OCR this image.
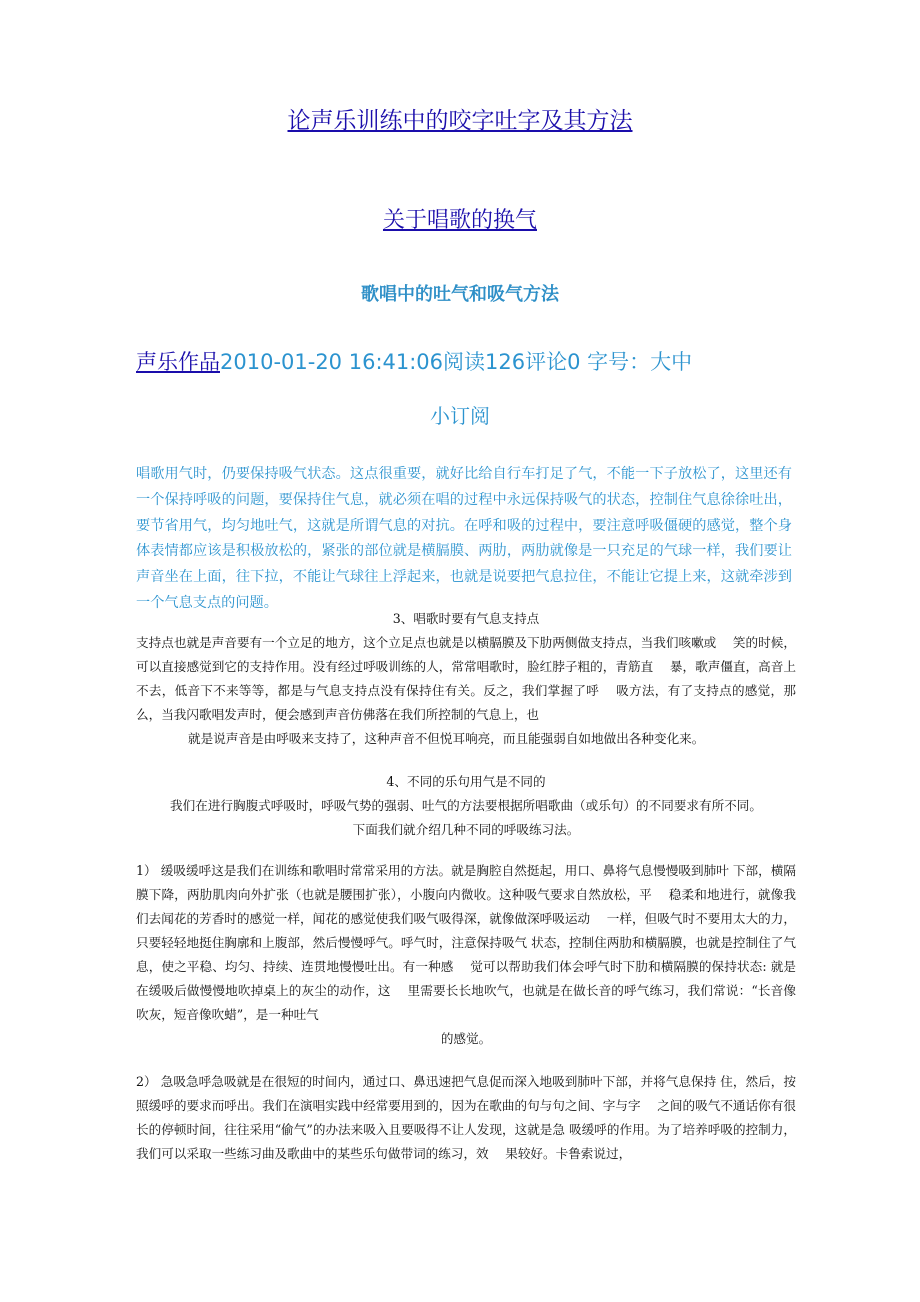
论声乐训练中的咬字吐字及其方法
关于唱歌的换气
歌唱中的吐气和吸气方法
声乐作品2010-01-20 16:41:06阅读126评论0 字号：大中
小订阅
唱歌用气时，仍要保持吸气状态。这点很重要，就好比给自行车打足了气，不能一下子放松了，这里还有一个保持呼吸的问题，要保持住气息，就必须在唱的过程中永远保持吸气的状态，控制住气息徐徐吐出，要节省用气，均匀地吐气，这就是所谓气息的对抗。在呼和吸的过程中，要注意呼吸僵硬的感觉，整个身体表情都应该是积极放松的，紧张的部位就是横膈膜、两肋，两肋就像是一只充足的气球一样，我们要让声音坐在上面，往下拉，不能让气球往上浮起来，也就是说要把气息拉住，不能让它提上来，这就牵涉到一个气息支点的问题。
3、唱歌时要有气息支持点
支持点也就是声音要有一个立足的地方，这个立足点也就是以横膈膜及下肋两侧做支持点，当我们咳嗽或　 笑的时候，可以直接感觉到它的支持作用。没有经过呼吸训练的人，常常唱歌时，脸红脖子粗的，青筋直　 暴，歌声僵直，高音上不去，低音下不来等等，都是与气息支持点没有保持住有关。反之，我们掌握了呼　 吸方法，有了支持点的感觉，那么，当我闪歌唱发声时，便会感到声音仿佛落在我们所控制的气息上，也
就是说声音是由呼吸来支持了，这种声音不但悦耳响亮，而且能强弱自如地做出各种变化来。
4、不同的乐句用气是不同的
我们在进行胸腹式呼吸时，呼吸气势的强弱、吐气的方法要根据所唱歌曲（或乐句）的不同要求有所不同。
下面我们就介绍几种不同的呼吸练习法。
1） 缓吸缓呼这是我们在训练和歌唱时常常采用的方法。就是胸腔自然挺起，用口、鼻将气息慢慢吸到肺叶 下部，横隔膜下降，两肋肌肉向外扩张（也就是腰围扩张），小腹向内微收。这种吸气要求自然放松，平　 稳柔和地进行，就像我们去闻花的芳香时的感觉一样，闻花的感觉使我们吸气吸得深，就像做深呼吸运动　 一样，但吸气时不要用太大的力，只要轻轻地挺住胸廓和上腹部，然后慢慢呼气。呼气时，注意保持吸气 状态，控制住两肋和横膈膜，也就是控制住了气息，使之平稳、均匀、持续、连贯地慢慢吐出。有一种感　 觉可以帮助我们体会呼气时下肋和横隔膜的保持状态: 就是在缓吸后做慢慢地吹掉桌上的灰尘的动作，这　 里需要长长地吹气，也就是在做长音的呼气练习，我们常说：“长音像吹灰，短音像吹蜡”，是一种吐气
的感觉。
2） 急吸急呼急吸就是在很短的时间内，通过口、鼻迅速把气息促而深入地吸到肺叶下部，并将气息保持 住，然后，按照缓呼的要求而呼出。我们在演唱实践中经常要用到的，因为在歌曲的句与句之间、字与字　 之间的吸气不通话你有很长的停顿时间，往往采用“偷气”的办法来吸入且要吸得不让人发现，这就是急 吸缓呼的作用。为了培养呼吸的控制力，我们可以采取一些练习曲及歌曲中的某些乐句做带词的练习，效　 果较好。卡鲁索说过，
